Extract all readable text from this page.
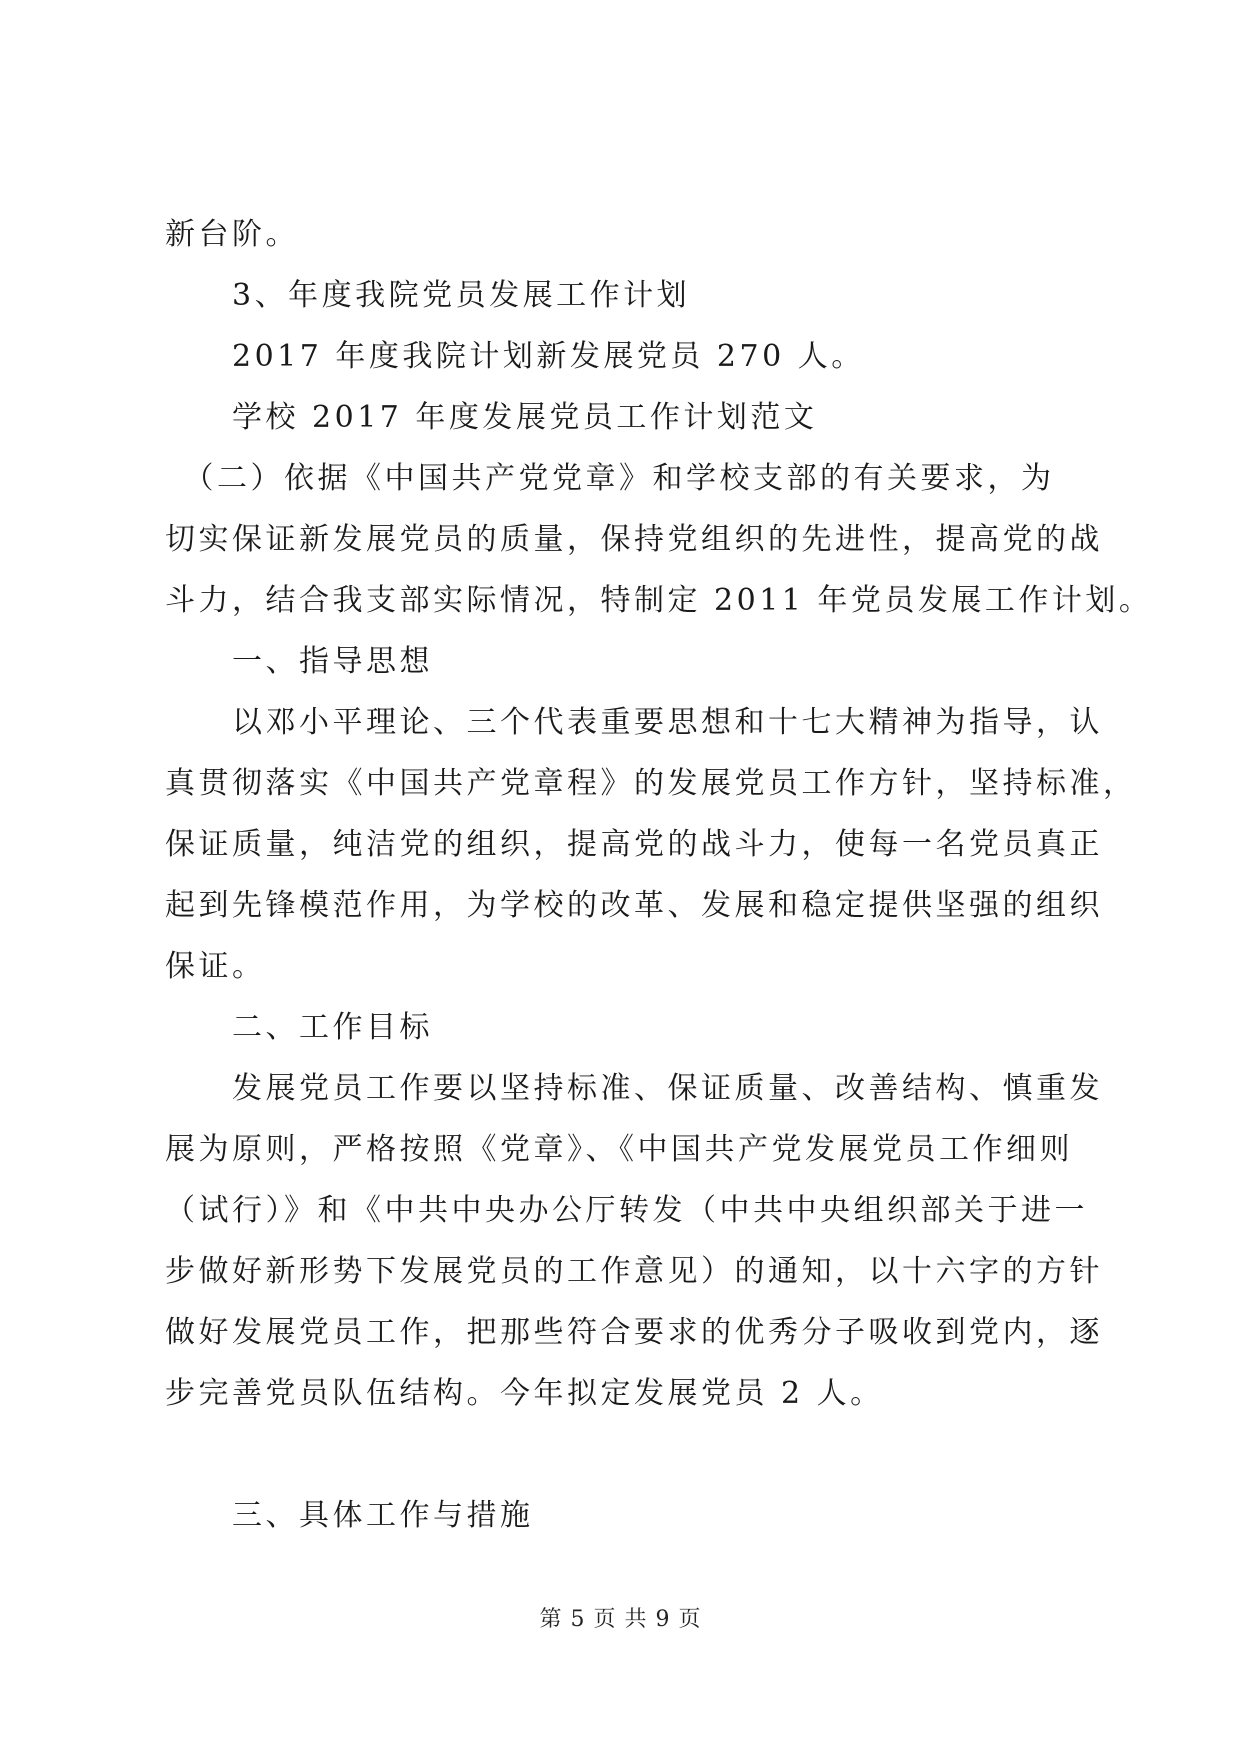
新台阶。
　　3、年度我院党员发展工作计划
　　2017 年度我院计划新发展党员 270 人。
　　学校 2017 年度发展党员工作计划范文
　（二）依据《中国共产党党章》和学校支部的有关要求，为
切实保证新发展党员的质量，保持党组织的先进性，提高党的战
斗力，结合我支部实际情况，特制定 2011 年党员发展工作计划。
　　一、指导思想
　　以邓小平理论、三个代表重要思想和十七大精神为指导，认
真贯彻落实《中国共产党章程》的发展党员工作方针，坚持标准，
保证质量，纯洁党的组织，提高党的战斗力，使每一名党员真正
起到先锋模范作用，为学校的改革、发展和稳定提供坚强的组织
保证。
　　二、工作目标
　　发展党员工作要以坚持标准、保证质量、改善结构、慎重发
展为原则，严格按照《党章》、《中国共产党发展党员工作细则
（试行）》和《中共中央办公厅转发（中共中央组织部关于进一
步做好新形势下发展党员的工作意见）的通知，以十六字的方针
做好发展党员工作，把那些符合要求的优秀分子吸收到党内，逐
步完善党员队伍结构。今年拟定发展党员 2 人。
　　三、具体工作与措施
第 5 页 共 9 页
